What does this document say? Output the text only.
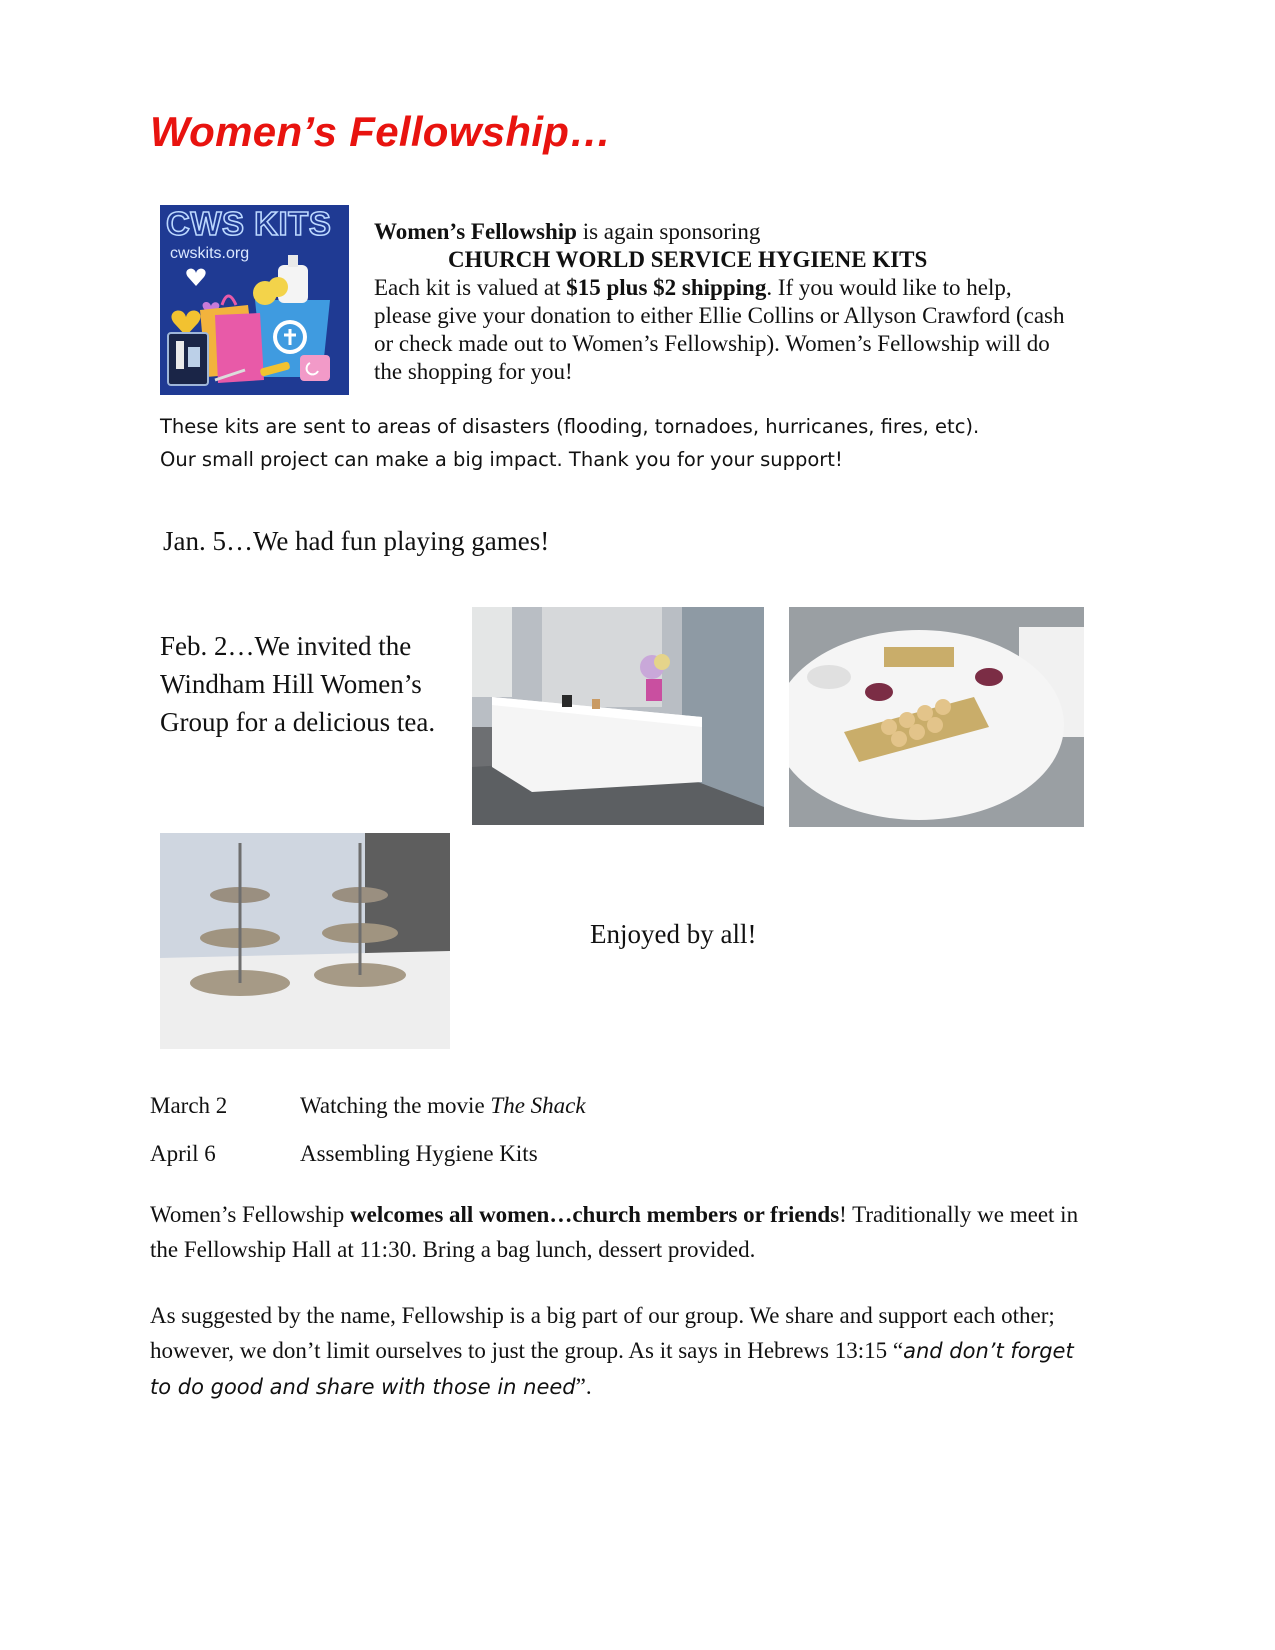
Women’s Fellowship…
CWS KITS
cwskits.org
Women’s Fellowship is again sponsoring
CHURCH WORLD SERVICE HYGIENE KITS
Each kit is valued at $15 plus $2 shipping. If you would like to help, please give your donation to either Ellie Collins or Allyson Crawford (cash or check made out to Women’s Fellowship). Women’s Fellowship will do the shopping for you!
These kits are sent to areas of disasters (flooding, tornadoes, hurricanes, fires, etc).
Our small project can make a big impact. Thank you for your support!
Jan. 5…We had fun playing games!
Feb. 2…We invited the Windham Hill Women’s Group for a delicious tea.
Enjoyed by all!
March 2	Watching the movie The Shack
April 6	Assembling Hygiene Kits
Women’s Fellowship welcomes all women…church members or friends! Traditionally we meet in the Fellowship Hall at 11:30. Bring a bag lunch, dessert provided.
As suggested by the name, Fellowship is a big part of our group. We share and support each other; however, we don’t limit ourselves to just the group. As it says in Hebrews 13:15 “and don’t forget to do good and share with those in need”.
